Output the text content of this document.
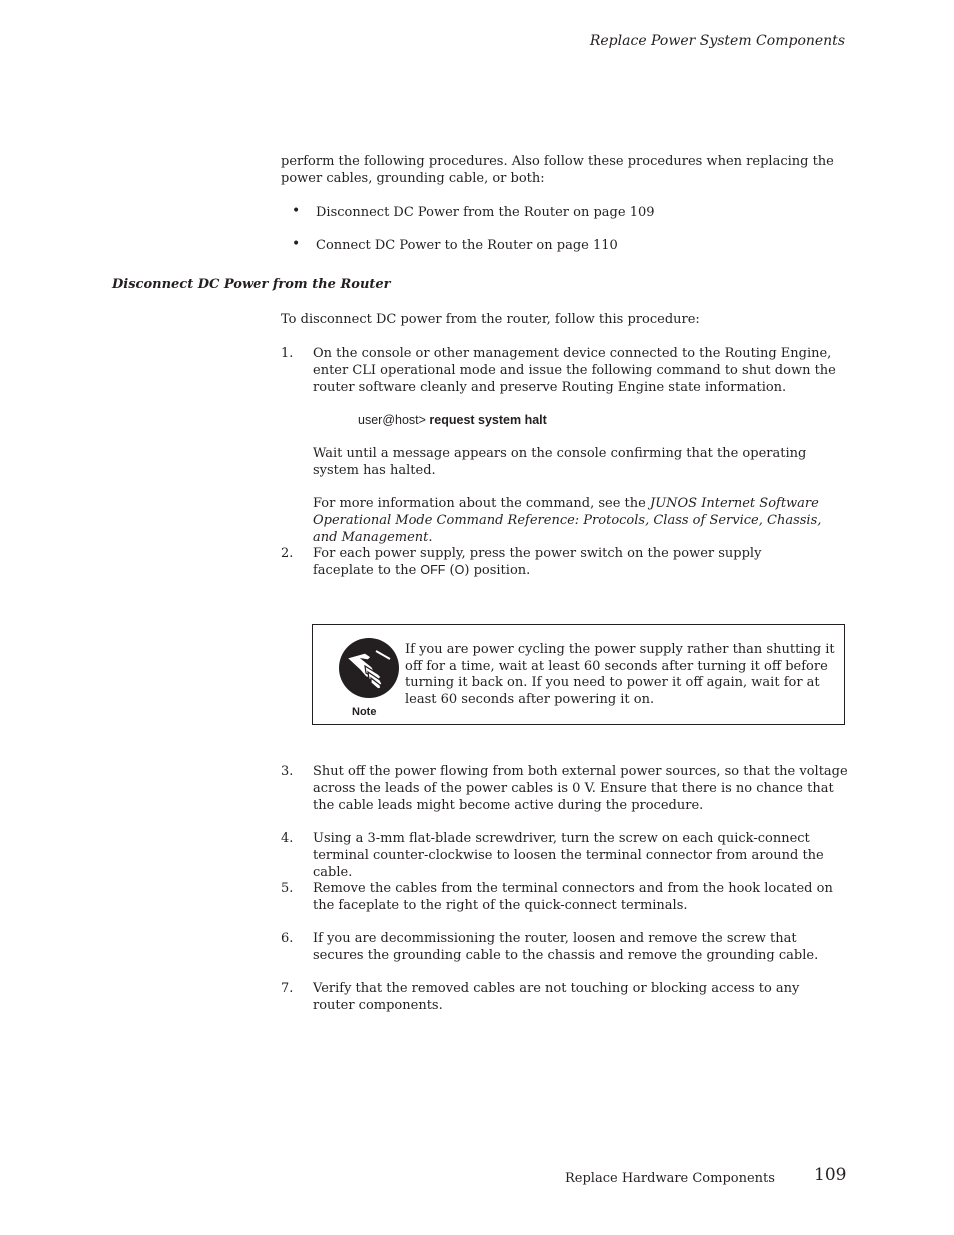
Replace Power System Components
perform the following procedures. Also follow these procedures when replacing the power cables, grounding cable, or both:
• Disconnect DC Power from the Router on page 109
• Connect DC Power to the Router on page 110
Disconnect DC Power from the Router
To disconnect DC power from the router, follow this procedure:
1.	On the console or other management device connected to the Routing Engine, enter CLI operational mode and issue the following command to shut down the router software cleanly and preserve Routing Engine state information.
user@host> request system halt
Wait until a message appears on the console confirming that the operating system has halted.
For more information about the command, see the JUNOS Internet Software Operational Mode Command Reference: Protocols, Class of Service, Chassis, and Management.
2.	For each power supply, press the power switch on the power supply faceplate to the OFF (O) position.
Note
If you are power cycling the power supply rather than shutting it off for a time, wait at least 60 seconds after turning it off before turning it back on. If you need to power it off again, wait for at least 60 seconds after powering it on.
3.	Shut off the power flowing from both external power sources, so that the voltage across the leads of the power cables is 0 V. Ensure that there is no chance that the cable leads might become active during the procedure.
4.	Using a 3-mm flat-blade screwdriver, turn the screw on each quick-connect terminal counter-clockwise to loosen the terminal connector from around the cable.
5.	Remove the cables from the terminal connectors and from the hook located on the faceplate to the right of the quick-connect terminals.
6.	If you are decommissioning the router, loosen and remove the screw that secures the grounding cable to the chassis and remove the grounding cable.
7.	Verify that the removed cables are not touching or blocking access to any router components.
Replace Hardware Components 109
